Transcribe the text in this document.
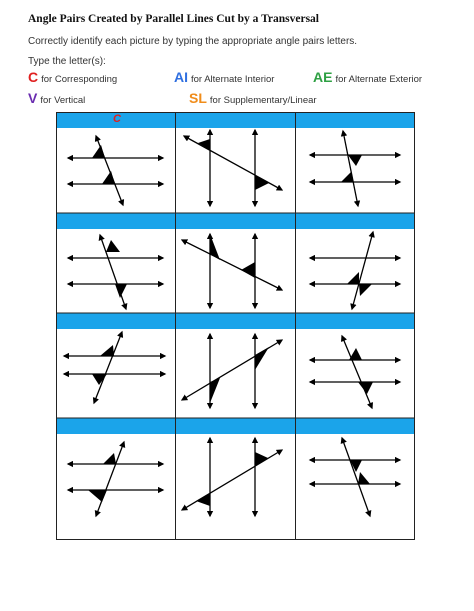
Angle Pairs Created by Parallel Lines Cut by a Transversal
Correctly identify each picture by typing the appropriate angle pairs letters.
Type the letter(s):
C for Corresponding	AI for Alternate Interior	AE for Alternate Exterior
V for Vertical	SL for Supplementary/Linear
C
